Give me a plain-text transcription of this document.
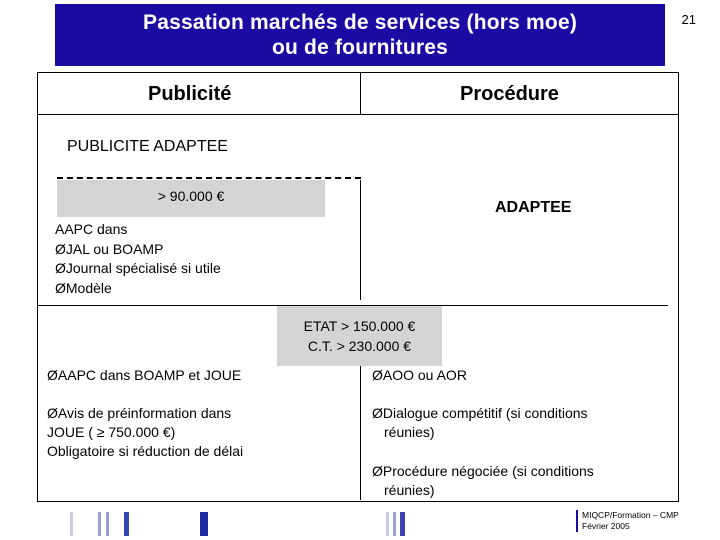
Passation marchés de services (hors moe)
ou de fournitures
21
Publicité	Procédure
PUBLICITE ADAPTEE
> 90.000 €
ADAPTEE
AAPC dans
ØJAL ou BOAMP
ØJournal spécialisé si utile
ØModèle
ETAT > 150.000 €
C.T. > 230.000 €
ØAAPC dans BOAMP et JOUE
ØAvis de préinformation dans
JOUE ( ≥ 750.000 €)
Obligatoire si réduction de délai
ØAOO ou AOR
ØDialogue compétitif (si conditions
réunies)
ØProcédure négociée (si conditions
réunies)
MIQCP/Formation – CMP
Février 2005
